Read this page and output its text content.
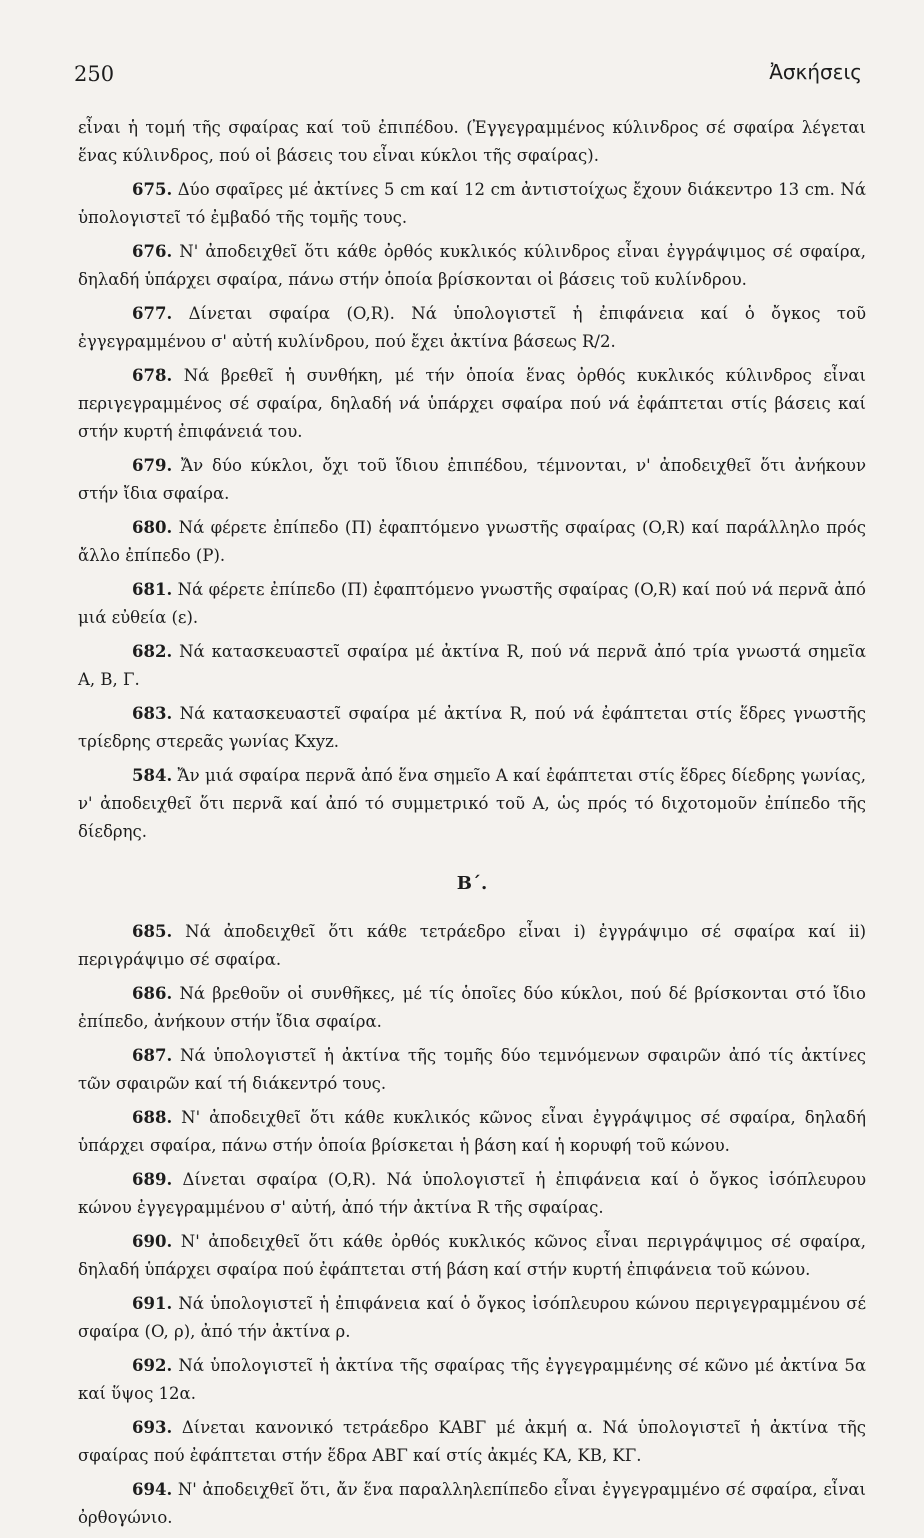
250	Ἀσκήσεις

εἶναι ἡ τομή τῆς σφαίρας καί τοῦ ἐπιπέδου. (Ἐγγεγραμμένος κύλινδρος σέ σφαίρα λέγεται ἕνας κύλινδρος, πού οἱ βάσεις του εἶναι κύκλοι τῆς σφαίρας).

675. Δύο σφαῖρες μέ ἀκτίνες 5 cm καί 12 cm ἀντιστοίχως ἔχουν διάκεντρο 13 cm. Νά ὑπολογιστεῖ τό ἐμβαδό τῆς τομῆς τους.

676. Ν' ἀποδειχθεῖ ὅτι κάθε ὀρθός κυκλικός κύλινδρος εἶναι ἐγγράψιμος σέ σφαίρα, δηλαδή ὑπάρχει σφαίρα, πάνω στήν ὁποία βρίσκονται οἱ βάσεις τοῦ κυλίνδρου.

677. Δίνεται σφαίρα (O,R). Νά ὑπολογιστεῖ ἡ ἐπιφάνεια καί ὁ ὄγκος τοῦ ἐγγεγραμμένου σ' αὐτή κυλίνδρου, πού ἔχει ἀκτίνα βάσεως R/2.

678. Νά βρεθεῖ ἡ συνθήκη, μέ τήν ὁποία ἕνας ὀρθός κυκλικός κύλινδρος εἶναι περιγεγραμμένος σέ σφαίρα, δηλαδή νά ὑπάρχει σφαίρα πού νά ἐφάπτεται στίς βάσεις καί στήν κυρτή ἐπιφάνειά του.

679. Ἄν δύο κύκλοι, ὄχι τοῦ ἴδιου ἐπιπέδου, τέμνονται, ν' ἀποδειχθεῖ ὅτι ἀνήκουν στήν ἴδια σφαίρα.

680. Νά φέρετε ἐπίπεδο (Π) ἐφαπτόμενο γνωστῆς σφαίρας (O,R) καί παράλληλο πρός ἄλλο ἐπίπεδο (P).

681. Νά φέρετε ἐπίπεδο (Π) ἐφαπτόμενο γνωστῆς σφαίρας (O,R) καί πού νά περνᾶ ἀπό μιά εὐθεία (ε).

682. Νά κατασκευαστεῖ σφαίρα μέ ἀκτίνα R, πού νά περνᾶ ἀπό τρία γνωστά σημεῖα A, B, Γ.

683. Νά κατασκευαστεῖ σφαίρα μέ ἀκτίνα R, πού νά ἐφάπτεται στίς ἕδρες γνωστῆς τρίεδρης στερεᾶς γωνίας Kxyz.

584. Ἄν μιά σφαίρα περνᾶ ἀπό ἕνα σημεῖο A καί ἐφάπτεται στίς ἕδρες δίεδρης γωνίας, ν' ἀποδειχθεῖ ὅτι περνᾶ καί ἀπό τό συμμετρικό τοῦ A, ὡς πρός τό διχοτομοῦν ἐπίπεδο τῆς δίεδρης.

Β΄.

685. Νά ἀποδειχθεῖ ὅτι κάθε τετράεδρο εἶναι i) ἐγγράψιμο σέ σφαίρα καί ii) περιγράψιμο σέ σφαίρα.

686. Νά βρεθοῦν οἱ συνθῆκες, μέ τίς ὁποῖες δύο κύκλοι, πού δέ βρίσκονται στό ἴδιο ἐπίπεδο, ἀνήκουν στήν ἴδια σφαίρα.

687. Νά ὑπολογιστεῖ ἡ ἀκτίνα τῆς τομῆς δύο τεμνόμενων σφαιρῶν ἀπό τίς ἀκτίνες τῶν σφαιρῶν καί τή διάκεντρό τους.

688. Ν' ἀποδειχθεῖ ὅτι κάθε κυκλικός κῶνος εἶναι ἐγγράψιμος σέ σφαίρα, δηλαδή ὑπάρχει σφαίρα, πάνω στήν ὁποία βρίσκεται ἡ βάση καί ἡ κορυφή τοῦ κώνου.

689. Δίνεται σφαίρα (O,R). Νά ὑπολογιστεῖ ἡ ἐπιφάνεια καί ὁ ὄγκος ἰσόπλευρου κώνου ἐγγεγραμμένου σ' αὐτή, ἀπό τήν ἀκτίνα R τῆς σφαίρας.

690. Ν' ἀποδειχθεῖ ὅτι κάθε ὀρθός κυκλικός κῶνος εἶναι περιγράψιμος σέ σφαίρα, δηλαδή ὑπάρχει σφαίρα πού ἐφάπτεται στή βάση καί στήν κυρτή ἐπιφάνεια τοῦ κώνου.

691. Νά ὑπολογιστεῖ ἡ ἐπιφάνεια καί ὁ ὄγκος ἰσόπλευρου κώνου περιγεγραμμένου σέ σφαίρα (O, ρ), ἀπό τήν ἀκτίνα ρ.

692. Νά ὑπολογιστεῖ ἡ ἀκτίνα τῆς σφαίρας τῆς ἐγγεγραμμένης σέ κῶνο μέ ἀκτίνα 5α καί ὕψος 12α.

693. Δίνεται κανονικό τετράεδρο ΚΑΒΓ μέ ἀκμή α. Νά ὑπολογιστεῖ ἡ ἀκτίνα τῆς σφαίρας πού ἐφάπτεται στήν ἕδρα ΑΒΓ καί στίς ἀκμές ΚΑ, ΚΒ, ΚΓ.

694. Ν' ἀποδειχθεῖ ὅτι, ἄν ἕνα παραλληλεπίπεδο εἶναι ἐγγεγραμμένο σέ σφαίρα, εἶναι ὀρθογώνιο.
